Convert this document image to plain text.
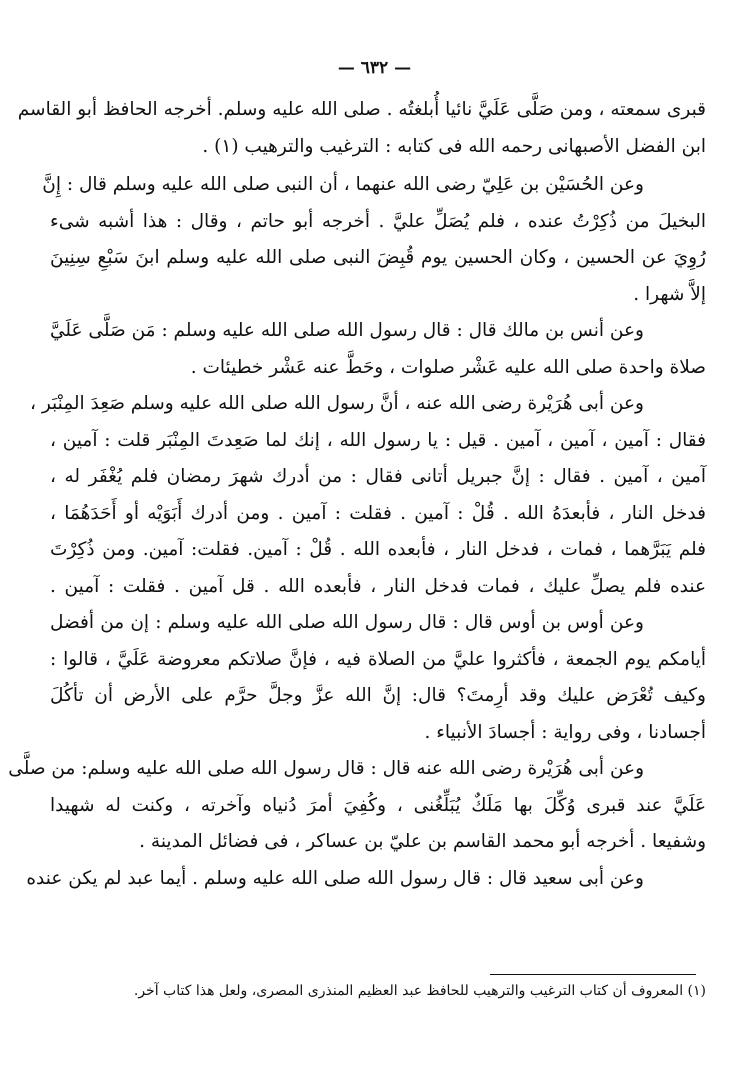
— ٦٣٢ —
قبرى سمعته ، ومن صَلَّى عَلَيَّ نائيا أُبلغتُه . صلى الله عليه وسلم. أخرجه الحافظ أبو القاسم
ابن الفضل الأصبهانى رحمه الله فى كتابه : الترغيب والترهيب (١) .
وعن الحُسَيْن بن عَلِيّ رضى الله عنهما ، أن النبى صلى الله عليه وسلم قال : إِنَّ
البخيلَ من ذُكِرْتُ عنده ، فلم يُصَلِّ عليَّ . أخرجه أبو حاتم ، وقال : هذا أشبه شىء
رُوِيَ عن الحسين ، وكان الحسين يوم قُبِضَ النبى صلى الله عليه وسلم ابنَ سَبْعِ سِنِينَ
إلاَّ شهرا .
وعن أنس بن مالك قال : قال رسول الله صلى الله عليه وسلم : مَن صَلَّى عَلَيَّ
صلاة واحدة صلى الله عليه عَشْر صلوات ، وحَطَّ عنه عَشْر خطيئات .
وعن أبى هُرَيْرة رضى الله عنه ، أنَّ رسول الله صلى الله عليه وسلم صَعِدَ المِنْبَر ،
فقال : آمين ، آمين ، آمين . قيل : يا رسول الله ، إنك لما صَعِدتَ المِنْبَر قلت : آمين ،
آمين ، آمين . فقال : إنَّ جبريل أتانى فقال : من أدرك شهرَ رمضان فلم يُغْفَر له ،
فدخل النار ، فأبعدَهُ الله . قُلْ : آمين . فقلت : آمين . ومن أدرك أَبَوَيْه أو أَحَدَهُمَا ،
فلم يَبَرَّهما ، فمات ، فدخل النار ، فأبعده الله . قُلْ : آمين. فقلت: آمين. ومن ذُكِرْتَ
عنده فلم يصلِّ عليك ، فمات فدخل النار ، فأبعده الله . قل آمين . فقلت : آمين .
وعن أوس بن أوس قال : قال رسول الله صلى الله عليه وسلم : إن من أفضل
أيامكم يوم الجمعة ، فأكثروا عليَّ من الصلاة فيه ، فإنَّ صلاتكم معروضة عَلَيَّ ، قالوا :
وكيف تُعْرَض عليك وقد أرِمتَ؟ قال: إنَّ الله عزَّ وجلَّ حرَّم على الأرض أن تأكُلَ
أجسادنا ، وفى رواية : أجسادَ الأنبياء .
وعن أبى هُرَيْرة رضى الله عنه قال : قال رسول الله صلى الله عليه وسلم: من صلَّى
عَلَيَّ عند قبرى وُكِّلَ بها مَلَكٌ يُبَلِّغُنى ، وكُفِيَ أمرَ دُنياه وآخرته ، وكنت له شهيدا
وشفيعا . أخرجه أبو محمد القاسم بن عليّ بن عساكر ، فى فضائل المدينة .
وعن أبى سعيد قال : قال رسول الله صلى الله عليه وسلم . أيما عبد لم يكن عنده
(١) المعروف أن كتاب الترغيب والترهيب للحافظ عبد العظيم المنذرى المصرى، ولعل هذا كتاب آخر.
